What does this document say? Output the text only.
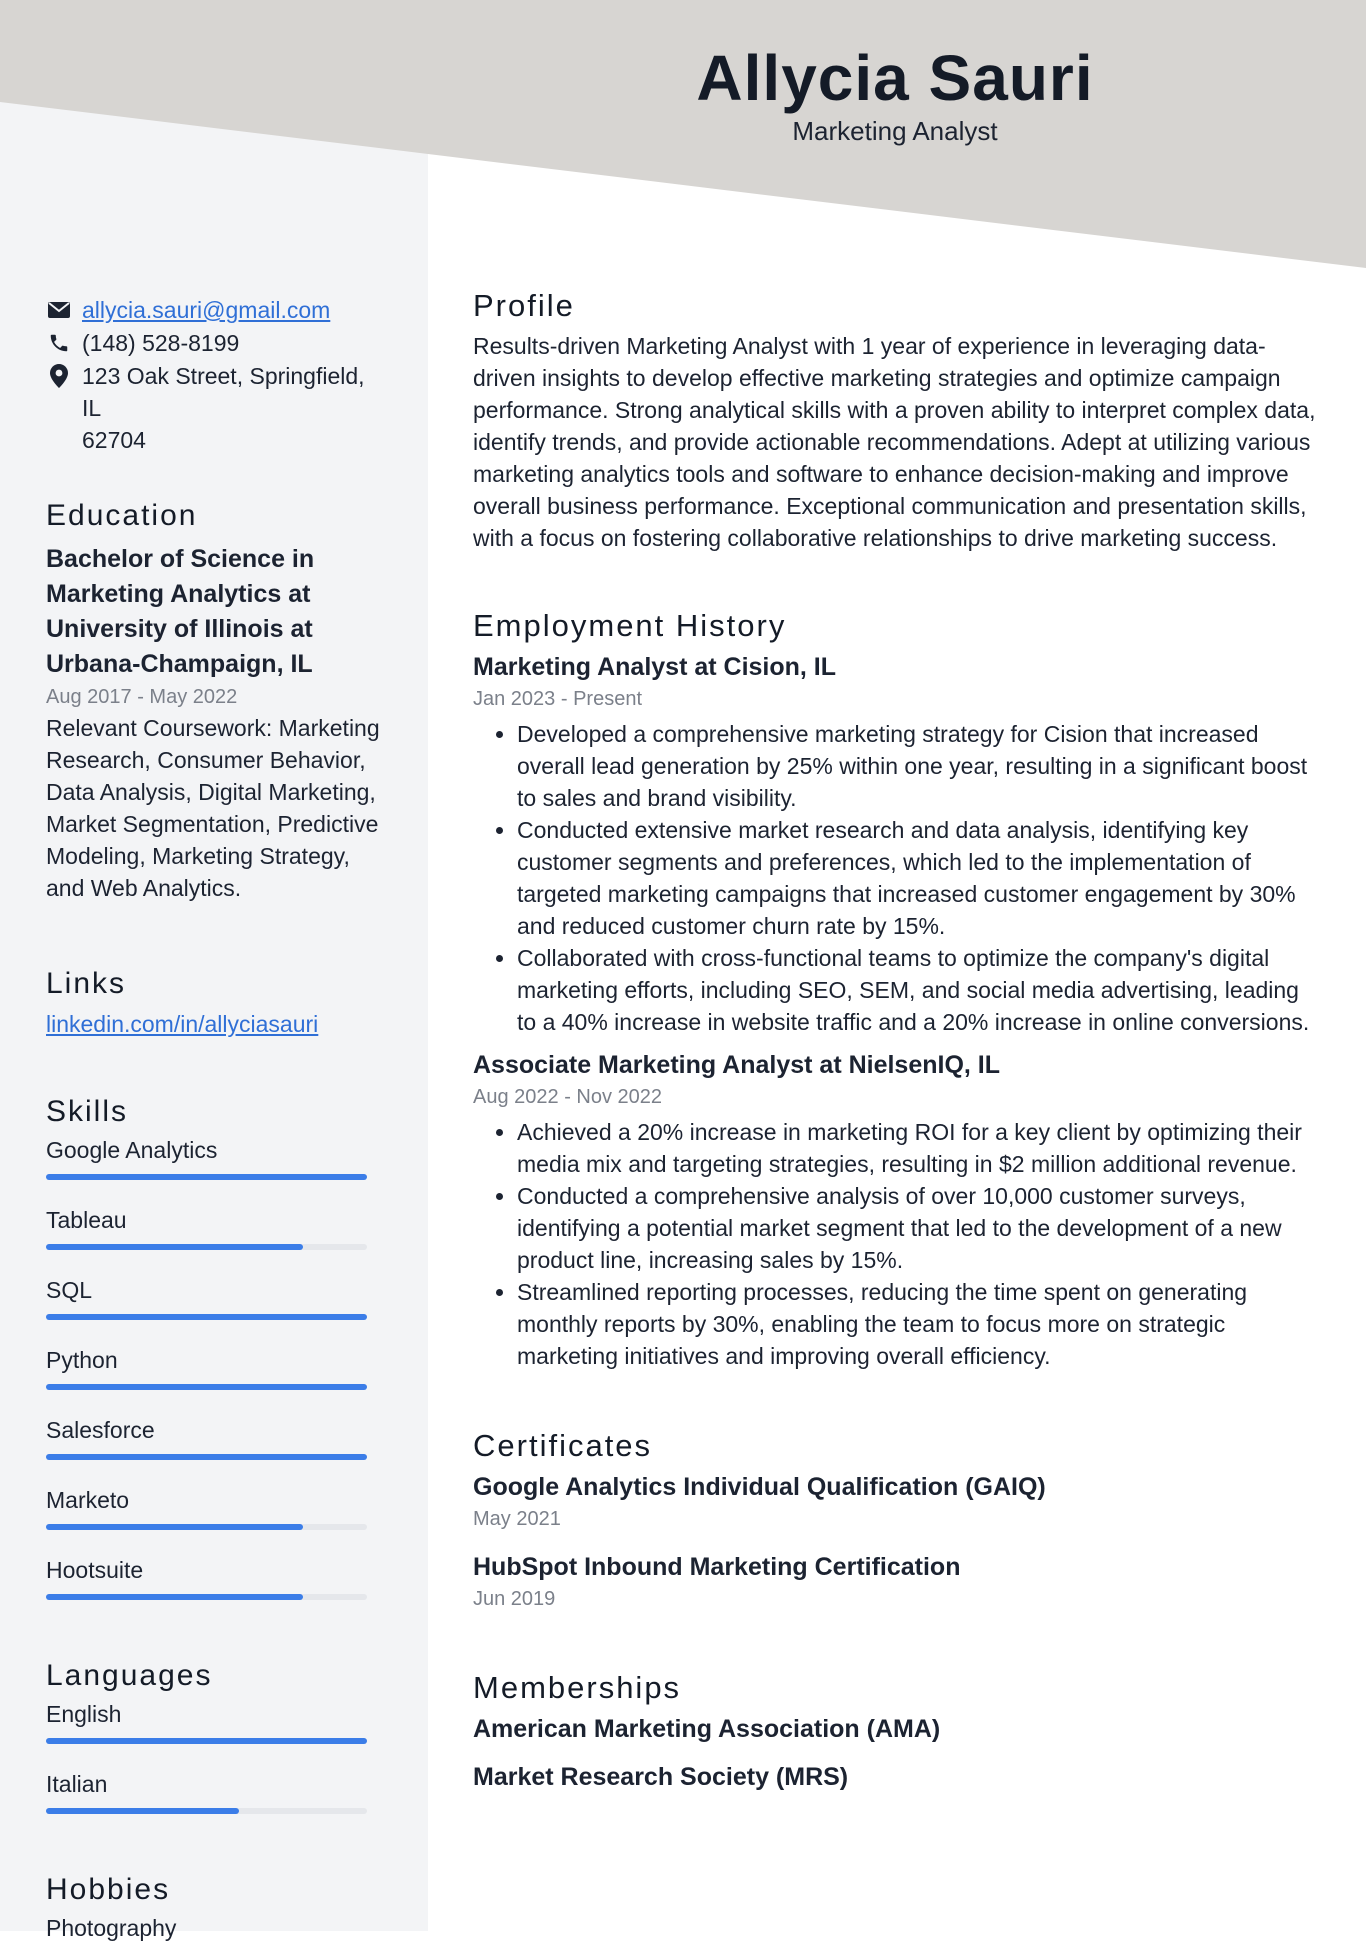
Allycia Sauri
Marketing Analyst
allycia.sauri@gmail.com
(148) 528-8199
123 Oak Street, Springfield, IL
62704
Education
Bachelor of Science in Marketing Analytics at University of Illinois at Urbana-Champaign, IL
Aug 2017 - May 2022
Relevant Coursework: Marketing Research, Consumer Behavior, Data Analysis, Digital Marketing, Market Segmentation, Predictive Modeling, Marketing Strategy, and Web Analytics.
Links
linkedin.com/in/allyciasauri
Skills
Google Analytics
Tableau
SQL
Python
Salesforce
Marketo
Hootsuite
Languages
English
Italian
Hobbies
Photography
Profile
Results-driven Marketing Analyst with 1 year of experience in leveraging data-driven insights to develop effective marketing strategies and optimize campaign performance. Strong analytical skills with a proven ability to interpret complex data, identify trends, and provide actionable recommendations. Adept at utilizing various marketing analytics tools and software to enhance decision-making and improve overall business performance. Exceptional communication and presentation skills, with a focus on fostering collaborative relationships to drive marketing success.
Employment History
Marketing Analyst at Cision, IL
Jan 2023 - Present
• Developed a comprehensive marketing strategy for Cision that increased overall lead generation by 25% within one year, resulting in a significant boost to sales and brand visibility.
• Conducted extensive market research and data analysis, identifying key customer segments and preferences, which led to the implementation of targeted marketing campaigns that increased customer engagement by 30% and reduced customer churn rate by 15%.
• Collaborated with cross-functional teams to optimize the company's digital marketing efforts, including SEO, SEM, and social media advertising, leading to a 40% increase in website traffic and a 20% increase in online conversions.
Associate Marketing Analyst at NielsenIQ, IL
Aug 2022 - Nov 2022
• Achieved a 20% increase in marketing ROI for a key client by optimizing their media mix and targeting strategies, resulting in $2 million additional revenue.
• Conducted a comprehensive analysis of over 10,000 customer surveys, identifying a potential market segment that led to the development of a new product line, increasing sales by 15%.
• Streamlined reporting processes, reducing the time spent on generating monthly reports by 30%, enabling the team to focus more on strategic marketing initiatives and improving overall efficiency.
Certificates
Google Analytics Individual Qualification (GAIQ)
May 2021
HubSpot Inbound Marketing Certification
Jun 2019
Memberships
American Marketing Association (AMA)
Market Research Society (MRS)
